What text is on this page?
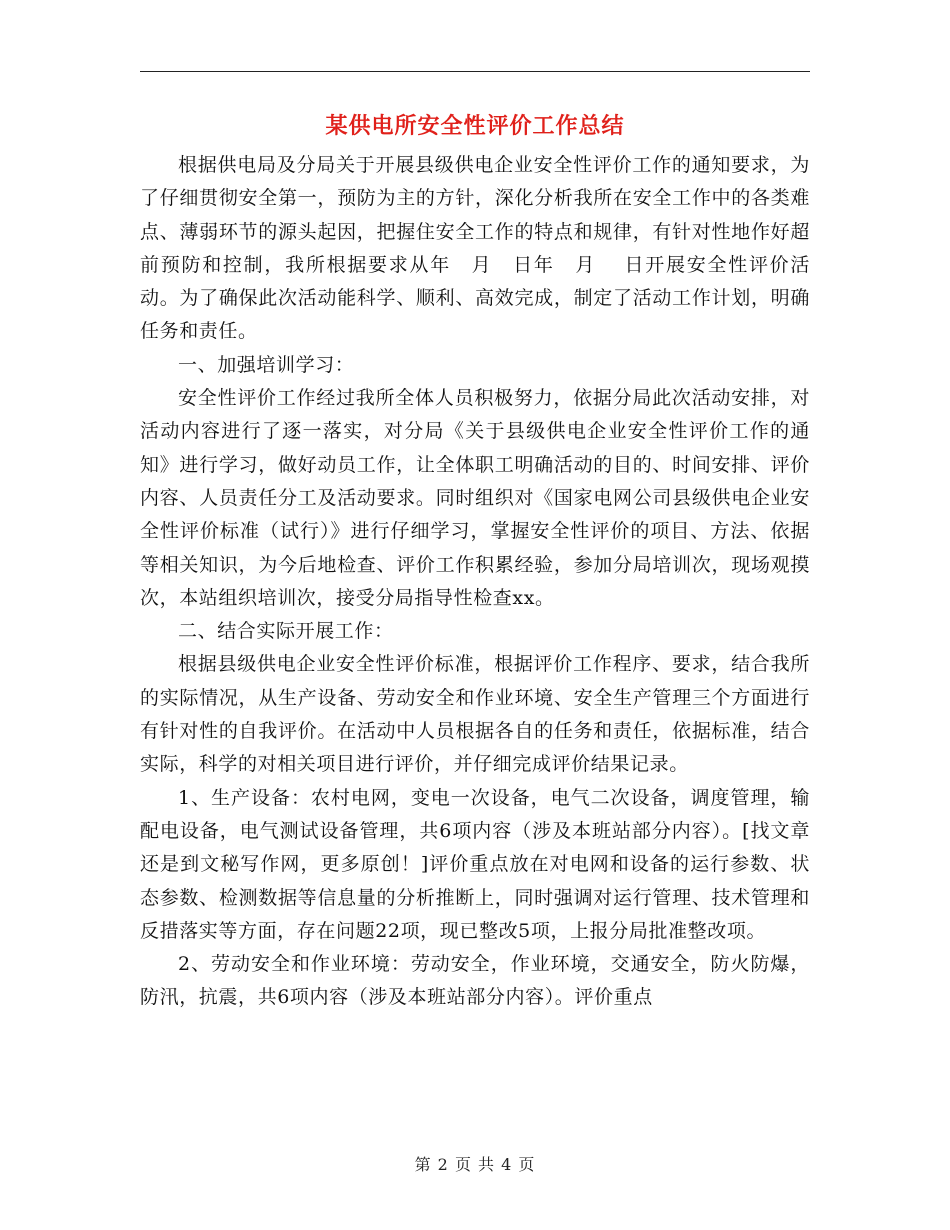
某供电所安全性评价工作总结

根据供电局及分局关于开展县级供电企业安全性评价工作的通知要求，为了仔细贯彻安全第一，预防为主的方针，深化分析我所在安全工作中的各类难点、薄弱环节的源头起因，把握住安全工作的特点和规律，有针对性地作好超前预防和控制，我所根据要求从年　月　日年　月　 日开展安全性评价活动。为了确保此次活动能科学、顺利、高效完成，制定了活动工作计划，明确任务和责任。

一、加强培训学习：

安全性评价工作经过我所全体人员积极努力，依据分局此次活动安排，对活动内容进行了逐一落实，对分局《关于县级供电企业安全性评价工作的通知》进行学习，做好动员工作，让全体职工明确活动的目的、时间安排、评价内容、人员责任分工及活动要求。同时组织对《国家电网公司县级供电企业安全性评价标准（试行）》进行仔细学习，掌握安全性评价的项目、方法、依据等相关知识，为今后地检查、评价工作积累经验，参加分局培训次，现场观摸次，本站组织培训次，接受分局指导性检查xx。

二、结合实际开展工作：

根据县级供电企业安全性评价标准，根据评价工作程序、要求，结合我所的实际情况，从生产设备、劳动安全和作业环境、安全生产管理三个方面进行有针对性的自我评价。在活动中人员根据各自的任务和责任，依据标准，结合实际，科学的对相关项目进行评价，并仔细完成评价结果记录。

1、生产设备：农村电网，变电一次设备，电气二次设备，调度管理，输配电设备，电气测试设备管理，共6项内容（涉及本班站部分内容）。[找文章还是到文秘写作网，更多原创！]评价重点放在对电网和设备的运行参数、状态参数、检测数据等信息量的分析推断上，同时强调对运行管理、技术管理和反措落实等方面，存在问题22项，现已整改5项，上报分局批准整改项。

2、劳动安全和作业环境：劳动安全，作业环境，交通安全，防火防爆，防汛，抗震，共6项内容（涉及本班站部分内容）。评价重点

第 2 页 共 4 页
